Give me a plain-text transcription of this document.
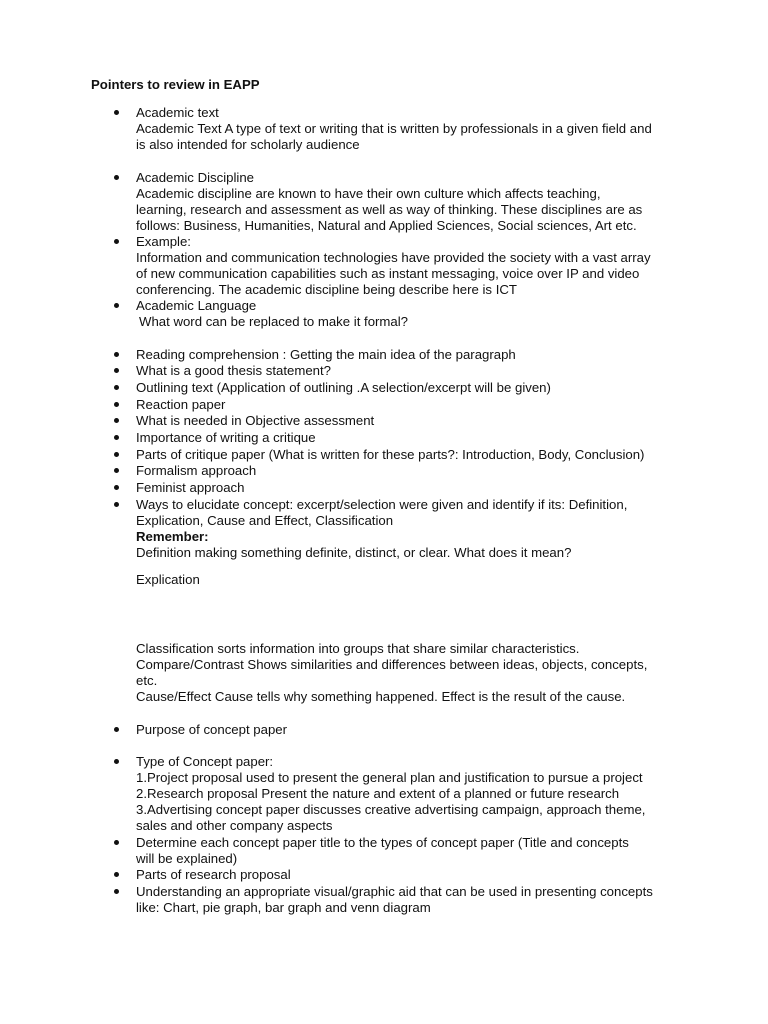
Pointers to review in EAPP
Academic text
Academic Text A type of text or writing that is written by professionals in a given field and
is also intended for scholarly audience
Academic Discipline
Academic discipline are known to have their own culture which affects teaching,
learning, research and assessment as well as way of thinking. These disciplines are as
follows: Business, Humanities, Natural and Applied Sciences, Social sciences, Art etc.
Example:
Information and communication technologies have provided the society with a vast array
of new communication capabilities such as instant messaging, voice over IP and video
conferencing. The academic discipline being describe here is ICT
Academic Language
What word can be replaced to make it formal?
Reading comprehension : Getting the main idea of the paragraph
What is a good thesis statement?
Outlining text (Application of outlining .A selection/excerpt will be given)
Reaction paper
What is needed in Objective assessment
Importance of writing a critique
Parts of critique paper (What is written for these parts?: Introduction, Body, Conclusion)
Formalism approach
Feminist approach
Ways to elucidate concept: excerpt/selection were given and identify if its: Definition,
Explication, Cause and Effect, Classification
Remember:
Definition making something definite, distinct, or clear. What does it mean?
Explication
Classification sorts information into groups that share similar characteristics.
Compare/Contrast Shows similarities and differences between ideas, objects, concepts,
etc.
Cause/Effect Cause tells why something happened. Effect is the result of the cause.
Purpose of concept paper
Type of Concept paper:
1.Project proposal used to present the general plan and justification to pursue a project
2.Research proposal Present the nature and extent of a planned or future research
3.Advertising concept paper discusses creative advertising campaign, approach theme,
sales and other company aspects
Determine each concept paper title to the types of concept paper (Title and concepts
will be explained)
Parts of research proposal
Understanding an appropriate visual/graphic aid that can be used in presenting concepts
like: Chart, pie graph, bar graph and venn diagram
